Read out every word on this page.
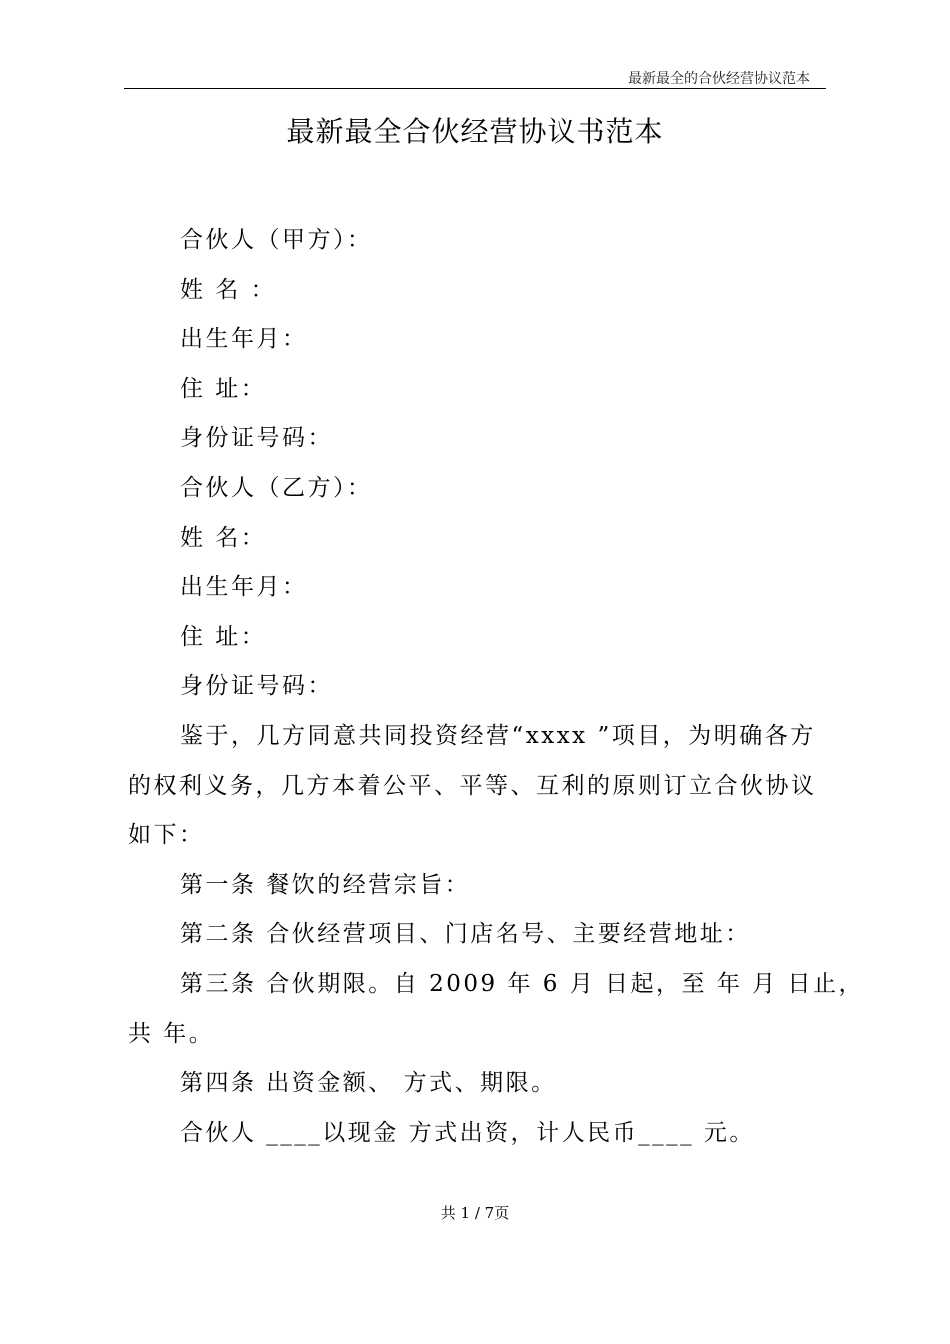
最新最全的合伙经营协议范本
最新最全合伙经营协议书范本

合伙人（甲方）：

姓 名 ：

出生年月：

住 址：

身份证号码：

合伙人（乙方）：

姓 名：

出生年月：

住 址：

身份证号码：

鉴于，几方同意共同投资经营“xxxx ”项目，为明确各方

的权利义务，几方本着公平、平等、互利的原则订立合伙协议

如下：

第一条 餐饮的经营宗旨：

第二条 合伙经营项目、门店名号、主要经营地址：

第三条 合伙期限。自 2009 年 6 月 日起，至 年 月 日止，

共 年。

第四条 出资金额、 方式、期限。

合伙人 ____以现金 方式出资，计人民币____ 元。

共 1 / 7页
